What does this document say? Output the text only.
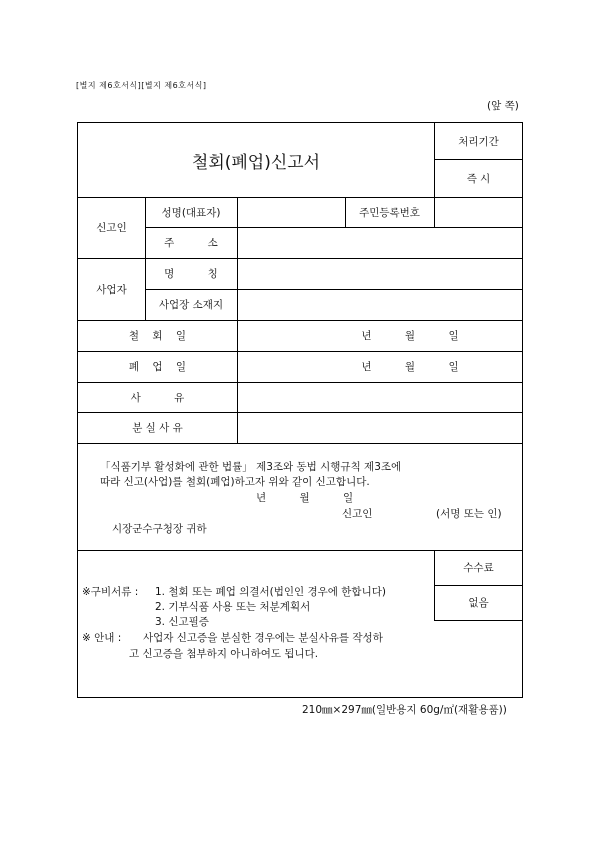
[별지 제6호서식][별지 제6호서식]
(앞 쪽)
철회(폐업)신고서
처리기간
즉 시
신고인
성명(대표자)	주민등록번호
주          소
사업자
명          칭
사업장 소재지
철    회    일	년          월          일
폐    업    일	년          월          일
사          유
분 실 사 유
「식품기부 활성화에 관한 법률」 제3조와 동법 시행규칙 제3조에
따라 신고(사업)를 철회(폐업)하고자 위와 같이 신고합니다.
년          월          일
신고인	(서명 또는 인)
시장군수구청장 귀하
※구비서류 : 1. 철회 또는 폐업 의결서(법인인 경우에 한합니다)
2. 기부식품 사용 또는 처분계획서
3. 신고필증
※ 안내 : 사업자 신고증을 분실한 경우에는 분실사유를 작성하
고 신고증을 첨부하지 아니하여도 됩니다.
수수료
없음
210㎜×297㎜(일반용지 60g/㎡(재활용품))
